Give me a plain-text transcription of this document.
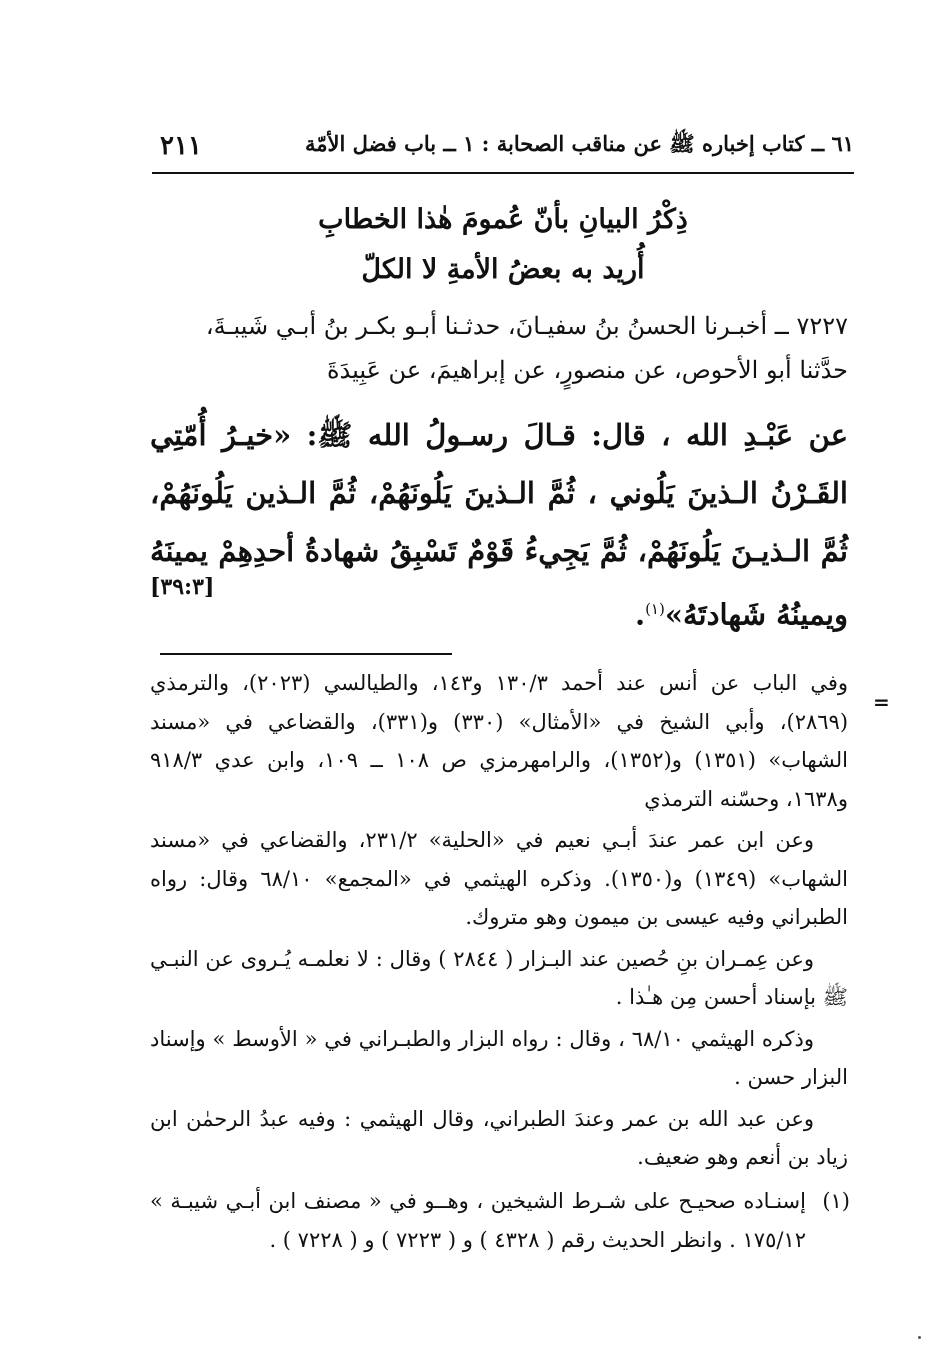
٦١ ــ كتاب إخباره ﷺ عن مناقب الصحابة : ١ ــ باب فضل الأمّة
٢١١
ذِكْرُ البيانِ بأنّ عُمومَ هٰذا الخطابِ
أُريد به بعضُ الأمةِ لا الكلّ

٧٢٢٧ ــ أخبـرنا الحسنُ بنُ سفيـانَ، حدثـنا أبـو بكـر بنُ أبـي شَيبـةَ،

حدَّثنا أبو الأحوص، عن منصورٍ، عن إبراهيمَ، عن عَبِيدَةَ

عن عَبْـدِ الله ، قال: قـالَ رسـولُ الله ﷺ: «خيـرُ أُمّتِي القَـرْنُ الـذينَ يَلُوني ، ثُمَّ الـذينَ يَلُونَهُمْ، ثُمَّ الـذين يَلُونَهُمْ، ثُمَّ الـذيـنَ يَلُونَهُمْ، ثُمَّ يَجِيءُ قَوْمٌ تَسْبِقُ شهادةُ أحدِهِمْ يمينَهُ ويمينُهُ شَهادتَهُ»$^{(١)}$.
[٣٩:٣]
=

وفي الباب عن أنس عند أحمد ١٣٠/٣ و١٤٣، والطيالسي (٢٠٢٣)، والترمذي (٢٨٦٩)، وأبي الشيخ في «الأمثال» (٣٣٠) و(٣٣١)، والقضاعي في «مسند الشهاب» (١٣٥١) و(١٣٥٢)، والرامهرمزي ص ١٠٨ ــ ١٠٩، وابن عدي ٩١٨/٣ و١٦٣٨، وحسّنه الترمذي

وعن ابن عمر عندَ أبـي نعيم في «الحلية» ٢٣١/٢، والقضاعي في «مسند الشهاب» (١٣٤٩) و(١٣٥٠). وذكره الهيثمي في «المجمع» ٦٨/١٠ وقال: رواه الطبراني وفيه عيسى بن ميمون وهو متروك.

وعن عِمـران بنِ حُصين عند البـزار ( ٢٨٤٤ ) وقال : لا نعلمـه يُـروى عن النبـي ﷺ بإسناد أحسن مِن هـٰذا .

وذكره الهيثمي ٦٨/١٠ ، وقال : رواه البزار والطبـراني في « الأوسط » وإسناد البزار حسن .

وعن عبد الله بن عمر وعندَ الطبراني، وقال الهيثمي : وفيه عبدُ الرحمٰن ابن زياد بن أنعم وهو ضعيف.

(١)
إسنـاده صحيـح على شـرط الشيخين ، وهــو في « مصنف ابن أبـي شيبـة » ١٧٥/١٢ . وانظر الحديث رقم ( ٤٣٢٨ ) و ( ٧٢٢٣ ) و ( ٧٢٢٨ ) .
